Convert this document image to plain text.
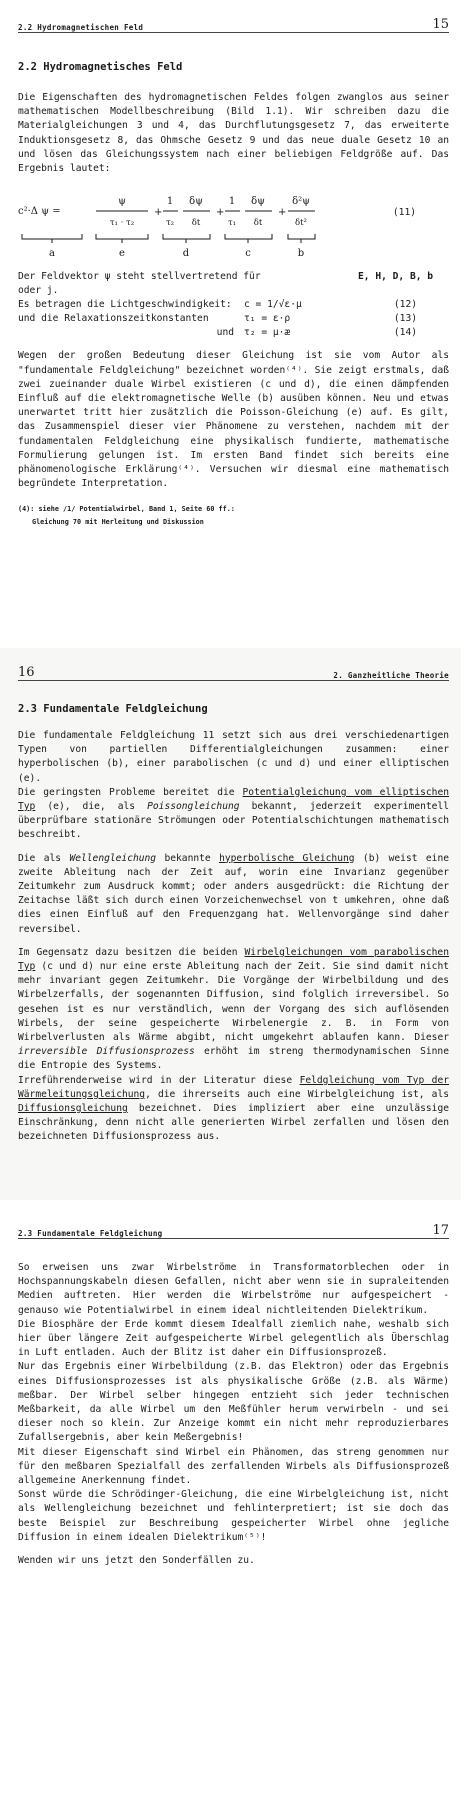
2.2 Hydromagnetischen Feld	15
2.2 Hydromagnetisches Feld

Die Eigenschaften des hydromagnetischen Feldes folgen zwanglos aus seiner mathematischen Modellbeschreibung (Bild 1.1). Wir schreiben dazu die Materialgleichungen 3 und 4, das Durchflutungsgesetz 7, das erweiterte Induktionsgesetz 8, das Ohmsche Gesetz 9 und das neue duale Gesetz 10 an und lösen das Gleichungssystem nach einer beliebigen Feldgröße auf. Das Ergebnis lautet:

c²·Δ ψ =
ψ
τ₁ · τ₂
+
1
τ₂
δψ
δt
+
1
τ₁
δψ
δt
+
δ²ψ
δt²
(11)
a	e	d	c	b
Der Feldvektor ψ steht stellvertretend für	E, H, D, B, b

oder j.

Es betragen die Lichtgeschwindigkeit:	c = 1/√ε·μ	(12)
und die Relaxationszeitkonstanten	τ₁ = ε·ρ	(13)
und	τ₂ = μ·æ	(14)

Wegen der großen Bedeutung dieser Gleichung ist sie vom Autor als "fundamentale Feldgleichung" bezeichnet worden⁽⁴⁾. Sie zeigt erstmals, daß zwei zueinander duale Wirbel existieren (c und d), die einen dämpfenden Einfluß auf die elektromagnetische Welle (b) ausüben können. Neu und etwas unerwartet tritt hier zusätzlich die Poisson-Gleichung (e) auf. Es gilt, das Zusammenspiel dieser vier Phänomene zu verstehen, nachdem mit der fundamentalen Feldgleichung eine physikalisch fundierte, mathematische Formulierung gelungen ist. Im ersten Band findet sich bereits eine phänomenologische Erklärung⁽⁴⁾. Versuchen wir diesmal eine mathematisch begründete Interpretation.

(4): siehe /1/ Potentialwirbel, Band 1, Seite 60 ff.:
Gleichung 70 mit Herleitung und Diskussion
16	2. Ganzheitliche Theorie
2.3 Fundamentale Feldgleichung

Die fundamentale Feldgleichung 11 setzt sich aus drei verschiedenartigen Typen von partiellen Differentialgleichungen zusammen: einer hyperbolischen (b), einer parabolischen (c und d) und einer elliptischen (e).

Die geringsten Probleme bereitet die Potentialgleichung vom elliptischen Typ (e), die, als Poissongleichung bekannt, jederzeit experimentell überprüfbare stationäre Strömungen oder Potentialschichtungen mathematisch beschreibt.

Die als Wellengleichung bekannte hyperbolische Gleichung (b) weist eine zweite Ableitung nach der Zeit auf, worin eine Invarianz gegenüber Zeitumkehr zum Ausdruck kommt; oder anders ausgedrückt: die Richtung der Zeitachse läßt sich durch einen Vorzeichenwechsel von t umkehren, ohne daß dies einen Einfluß auf den Frequenzgang hat. Wellenvorgänge sind daher reversibel.

Im Gegensatz dazu besitzen die beiden Wirbelgleichungen vom parabolischen Typ (c und d) nur eine erste Ableitung nach der Zeit. Sie sind damit nicht mehr invariant gegen Zeitumkehr. Die Vorgänge der Wirbelbildung und des Wirbelzerfalls, der sogenannten Diffusion, sind folglich irreversibel. So gesehen ist es nur verständlich, wenn der Vorgang des sich auflösenden Wirbels, der seine gespeicherte Wirbelenergie z. B. in Form von Wirbelverlusten als Wärme abgibt, nicht umgekehrt ablaufen kann. Dieser irreversible Diffusionsprozess erhöht im streng thermodynamischen Sinne die Entropie des Systems.

Irreführenderweise wird in der Literatur diese Feldgleichung vom Typ der Wärmeleitungsgleichung, die ihrerseits auch eine Wirbelgleichung ist, als Diffusionsgleichung bezeichnet. Dies impliziert aber eine unzulässige Einschränkung, denn nicht alle generierten Wirbel zerfallen und lösen den bezeichneten Diffusionsprozess aus.

2.3 Fundamentale Feldgleichung	17

So erweisen uns zwar Wirbelströme in Transformatorblechen oder in Hochspannungskabeln diesen Gefallen, nicht aber wenn sie in supraleitenden Medien auftreten. Hier werden die Wirbelströme nur aufgespeichert - genauso wie Potentialwirbel in einem ideal nichtleitenden Dielektrikum.

Die Biosphäre der Erde kommt diesem Idealfall ziemlich nahe, weshalb sich hier über längere Zeit aufgespeicherte Wirbel gelegentlich als Überschlag in Luft entladen. Auch der Blitz ist daher ein Diffusionsprozeß.

Nur das Ergebnis einer Wirbelbildung (z.B. das Elektron) oder das Ergebnis eines Diffusionsprozesses ist als physikalische Größe (z.B. als Wärme) meßbar. Der Wirbel selber hingegen entzieht sich jeder technischen Meßbarkeit, da alle Wirbel um den Meßfühler herum verwirbeln - und sei dieser noch so klein. Zur Anzeige kommt ein nicht mehr reproduzierbares Zufallsergebnis, aber kein Meßergebnis!

Mit dieser Eigenschaft sind Wirbel ein Phänomen, das streng genommen nur für den meßbaren Spezialfall des zerfallenden Wirbels als Diffusionsprozeß allgemeine Anerkennung findet.

Sonst würde die Schrödinger-Gleichung, die eine Wirbelgleichung ist, nicht als Wellengleichung bezeichnet und fehlinterpretiert; ist sie doch das beste Beispiel zur Beschreibung gespeicherter Wirbel ohne jegliche Diffusion in einem idealen Dielektrikum⁽⁵⁾!

Wenden wir uns jetzt den Sonderfällen zu.
